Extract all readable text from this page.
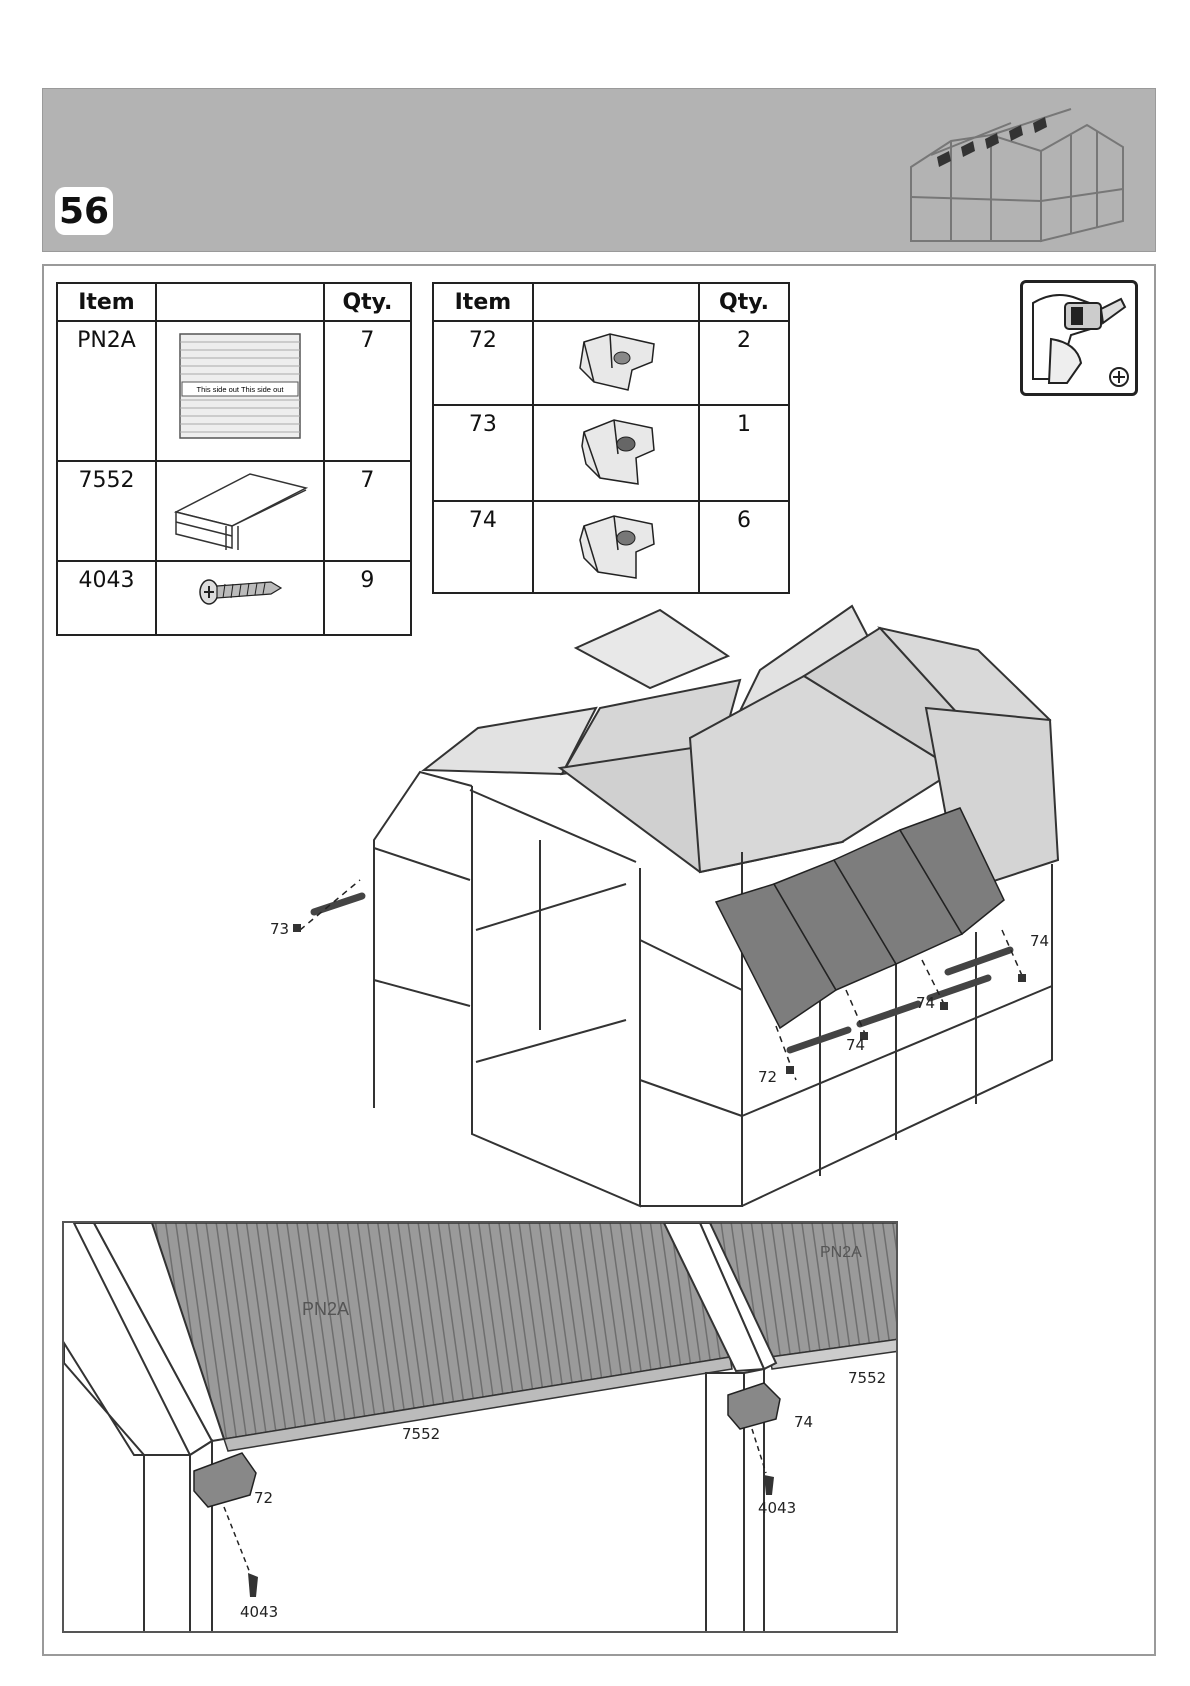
56
Item		Qty.
PN2A	This side out This side out	7
7552		7
4043		9
Item		Qty.
72		2
73		1
74		6
73
74
74
74
72
PN2A
PN2A
7552
7552
72
74
4043
4043
